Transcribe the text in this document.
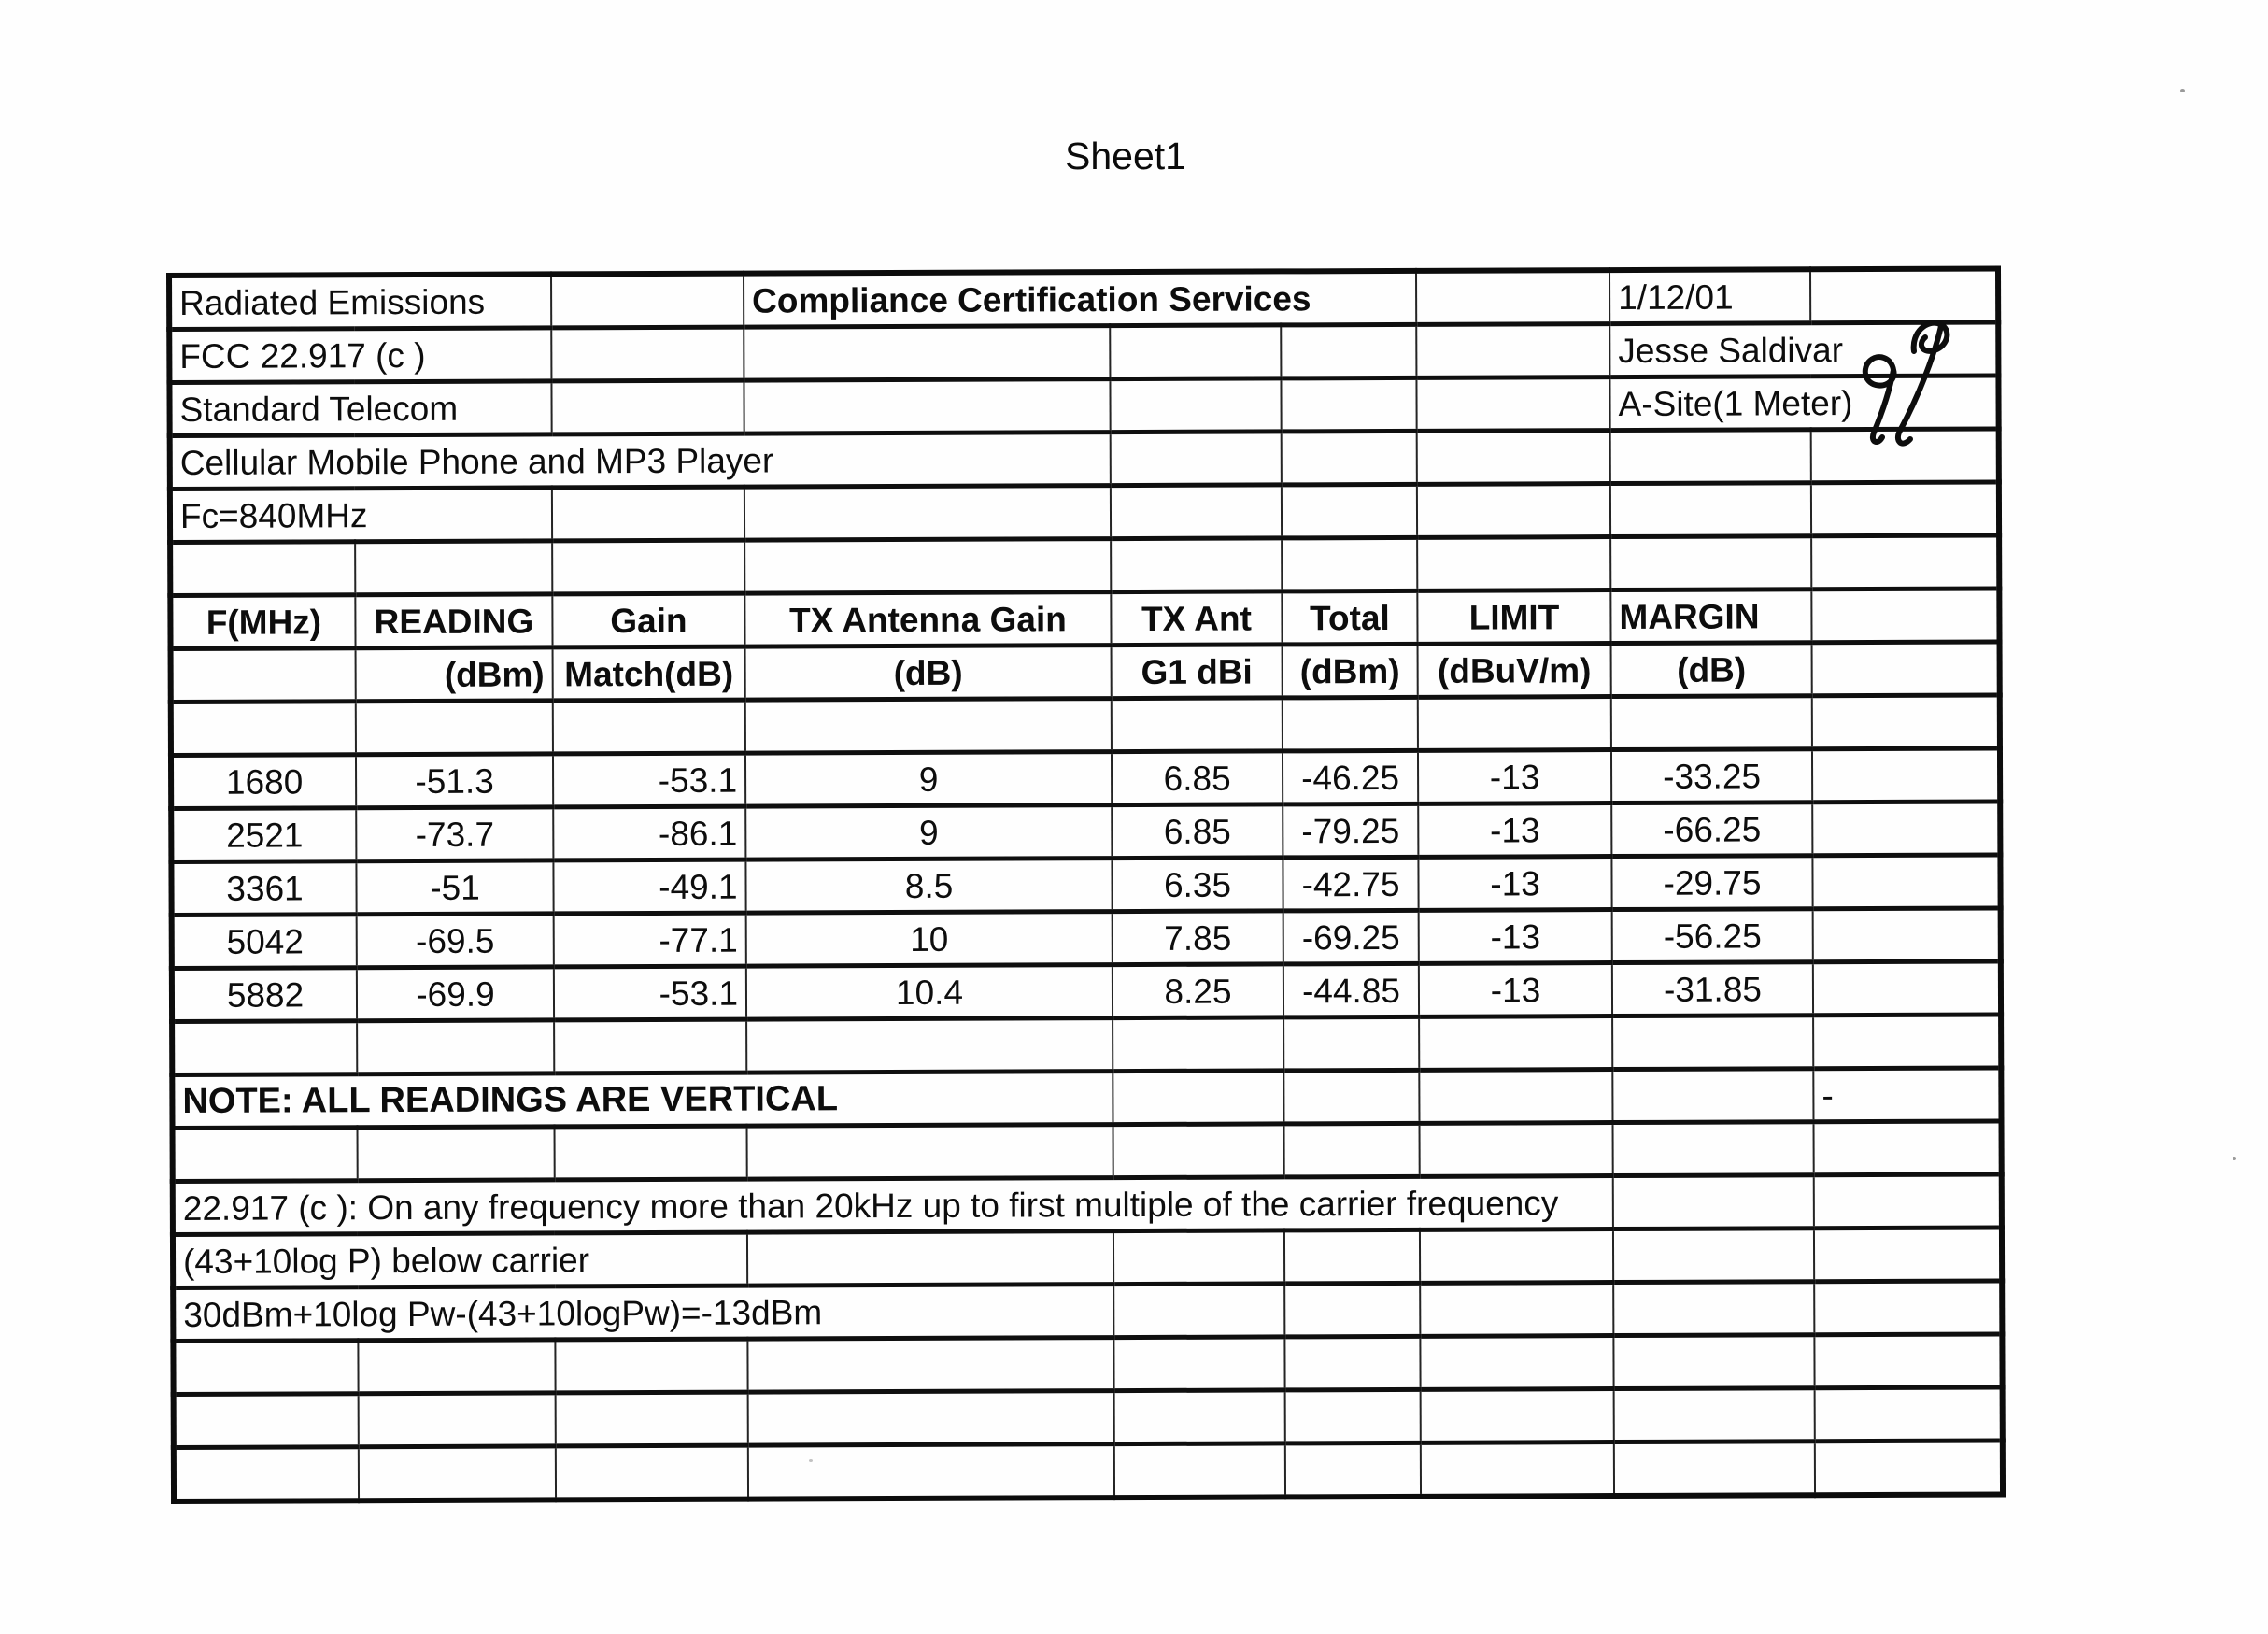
Sheet1
Radiated Emissions			Compliance Certification Services				1/12/01	
FCC 22.917 (c )							Jesse Saldivar	
Standard Telecom							A-Site(1 Meter)	
Cellular Mobile Phone and MP3 Player								
Fc=840MHz								

F(MHz)	READING	Gain	TX Antenna Gain	TX Ant	Total	LIMIT	MARGIN	
	(dBm)	Match(dB)	(dB)	G1 dBi	(dBm)	(dBuV/m)	(dB)	

1680	-51.3	-53.1	9	6.85	-46.25	-13	-33.25	
2521	-73.7	-86.1	9	6.85	-79.25	-13	-66.25	
3361	-51	-49.1	8.5	6.35	-42.75	-13	-29.75	
5042	-69.5	-77.1	10	7.85	-69.25	-13	-56.25	
5882	-69.9	-53.1	10.4	8.25	-44.85	-13	-31.85	

NOTE: ALL READINGS ARE VERTICAL								-

22.917 (c ): On any frequency more than 20kHz up to first multiple of the carrier frequency								
(43+10log P) below carrier								
30dBm+10log Pw-(43+10logPw)=-13dBm								
